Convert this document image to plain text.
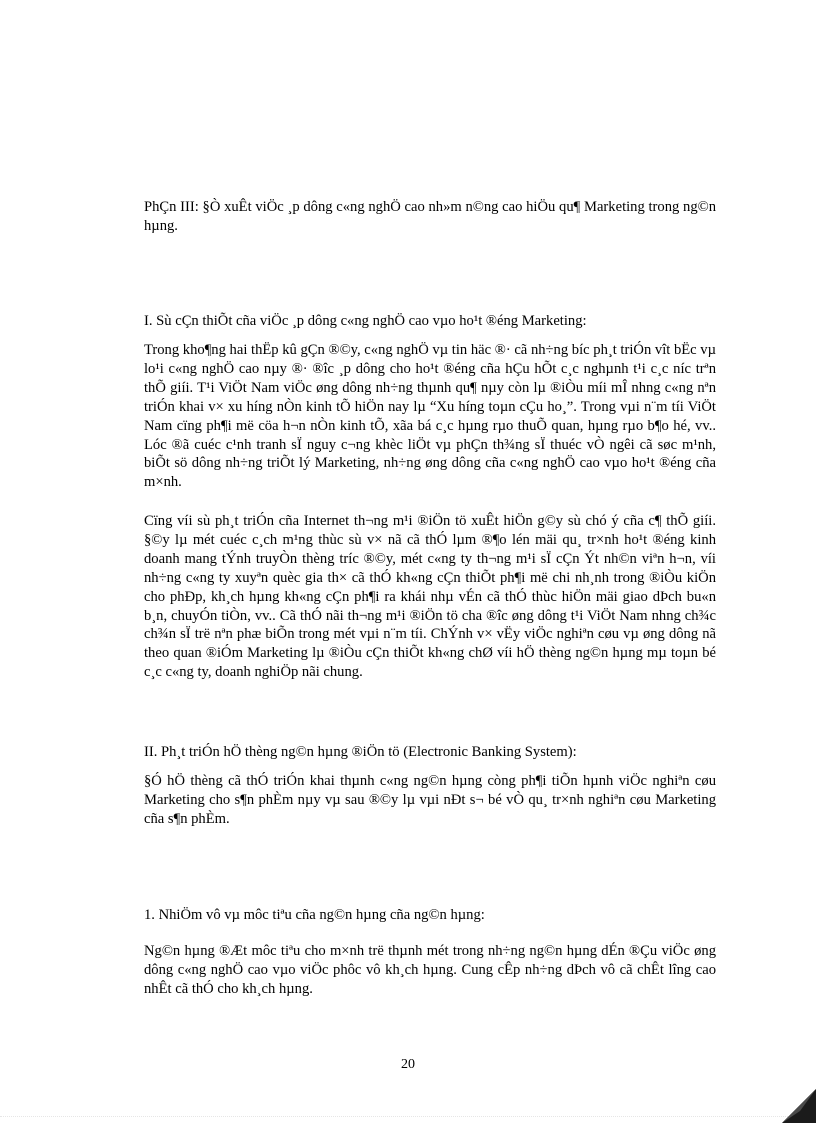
PhÇn III: §Ò xuÊt viÖc ¸p dông c«ng nghÖ cao nh»m n©ng cao hiÖu qu¶ Marketing trong ng©n hµng.

I. Sù cÇn thiÕt cña viÖc ¸p dông c«ng nghÖ cao vµo ho¹t ®éng Marketing:

Trong kho¶ng hai thËp kû gÇn ®©y, c«ng nghÖ vµ tin häc ®· cã nh÷ng bíc ph¸t triÓn vît bËc vµ lo¹i c«ng nghÖ cao nµy ®· ®îc ¸p dông cho ho¹t ®éng cña hÇu hÕt c¸c nghµnh t¹i c¸c níc trªn thÕ giíi. T¹i ViÖt Nam viÖc øng dông nh÷ng thµnh qu¶ nµy còn lµ ®iÒu míi mÎ nhng c«ng nªn triÓn khai v× xu híng nÒn kinh tÕ hiÖn nay lµ “Xu híng toµn cÇu ho¸”. Trong vµi n¨m tíi ViÖt Nam cïng ph¶i më cöa h¬n nÒn kinh tÕ, xãa bá c¸c hµng rµo thuÕ quan, hµng rµo b¶o hé, vv.. Lóc ®ã cuéc c¹nh tranh sÏ nguy c¬ng khèc liÖt vµ phÇn th¾ng sÏ thuéc vÒ ngêi cã søc m¹nh, biÕt sö dông nh÷ng triÕt lý Marketing, nh÷ng øng dông cña c«ng nghÖ cao vµo ho¹t ®éng cña m×nh.

Cïng víi sù ph¸t triÓn cña Internet th¬ng m¹i ®iÖn tö xuÊt hiÖn g©y sù chó ý cña c¶ thÕ giíi. §©y lµ mét cuéc c¸ch m¹ng thùc sù v× nã cã thÓ lµm ®¶o lén mäi qu¸ tr×nh ho¹t ®éng kinh doanh mang tÝnh truyÒn thèng tríc ®©y, mét c«ng ty th¬ng m¹i sÏ cÇn Ýt nh©n viªn h¬n, víi nh÷ng c«ng ty xuyªn quèc gia th× cã thÓ kh«ng cÇn thiÕt ph¶i më chi nh¸nh trong ®iÒu kiÖn cho phÐp, kh¸ch hµng kh«ng cÇn ph¶i ra khái nhµ vÉn cã thÓ thùc hiÖn mäi giao dÞch bu«n b¸n, chuyÓn tiÒn, vv.. Cã thÓ nãi th¬ng m¹i ®iÖn tö cha ®îc øng dông t¹i ViÖt Nam nhng ch¾c ch¾n sÏ trë nªn phæ biÕn trong mét vµi n¨m tíi. ChÝnh v× vËy viÖc nghiªn cøu vµ øng dông nã theo quan ®iÓm Marketing lµ ®iÒu cÇn thiÕt kh«ng chØ víi hÖ thèng ng©n hµng mµ toµn bé c¸c c«ng ty, doanh nghiÖp nãi chung.

II. Ph¸t triÓn hÖ thèng ng©n hµng ®iÖn tö (Electronic Banking System):

§Ó hÖ thèng cã thÓ triÓn khai thµnh c«ng ng©n hµng còng ph¶i tiÕn hµnh viÖc nghiªn cøu Marketing cho s¶n phÈm nµy vµ sau ®©y lµ vµi nÐt s¬ bé vÒ qu¸ tr×nh nghiªn cøu Marketing cña s¶n phÈm.

1. NhiÖm vô vµ môc tiªu cña ng©n hµng cña ng©n hµng:

Ng©n hµng ®Æt môc tiªu cho m×nh trë thµnh mét trong nh÷ng ng©n hµng dÉn ®Çu viÖc øng dông c«ng nghÖ cao vµo viÖc phôc vô kh¸ch hµng. Cung cÊp nh÷ng dÞch vô cã chÊt lîng cao nhÊt cã thÓ cho kh¸ch hµng.

20
